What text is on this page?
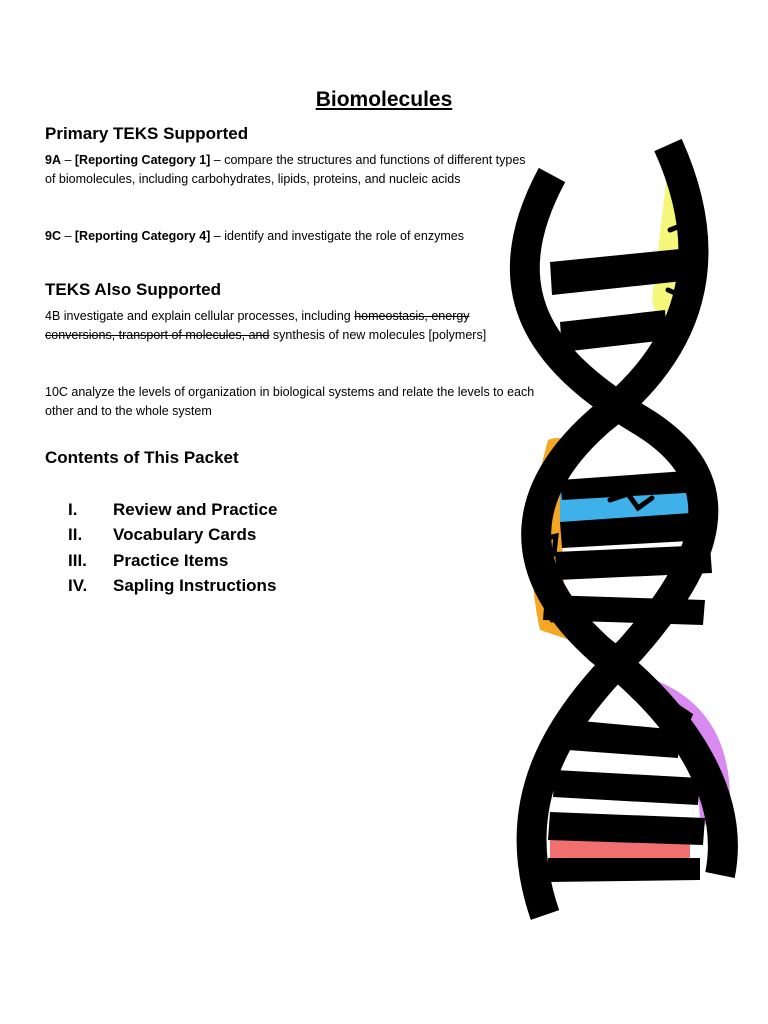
Biomolecules
Primary TEKS Supported
9A – [Reporting Category 1] – compare the structures and functions of different types of biomolecules, including carbohydrates, lipids, proteins, and nucleic acids
9C – [Reporting Category 4] – identify and investigate the role of enzymes
TEKS Also Supported
4B investigate and explain cellular processes, including homeostasis, energy conversions, transport of molecules, and synthesis of new molecules [polymers]
10C analyze the levels of organization in biological systems and relate the levels to each other and to the whole system
Contents of This Packet
I.	Review and Practice
II.	Vocabulary Cards
III.	Practice Items
IV.	Sapling Instructions
